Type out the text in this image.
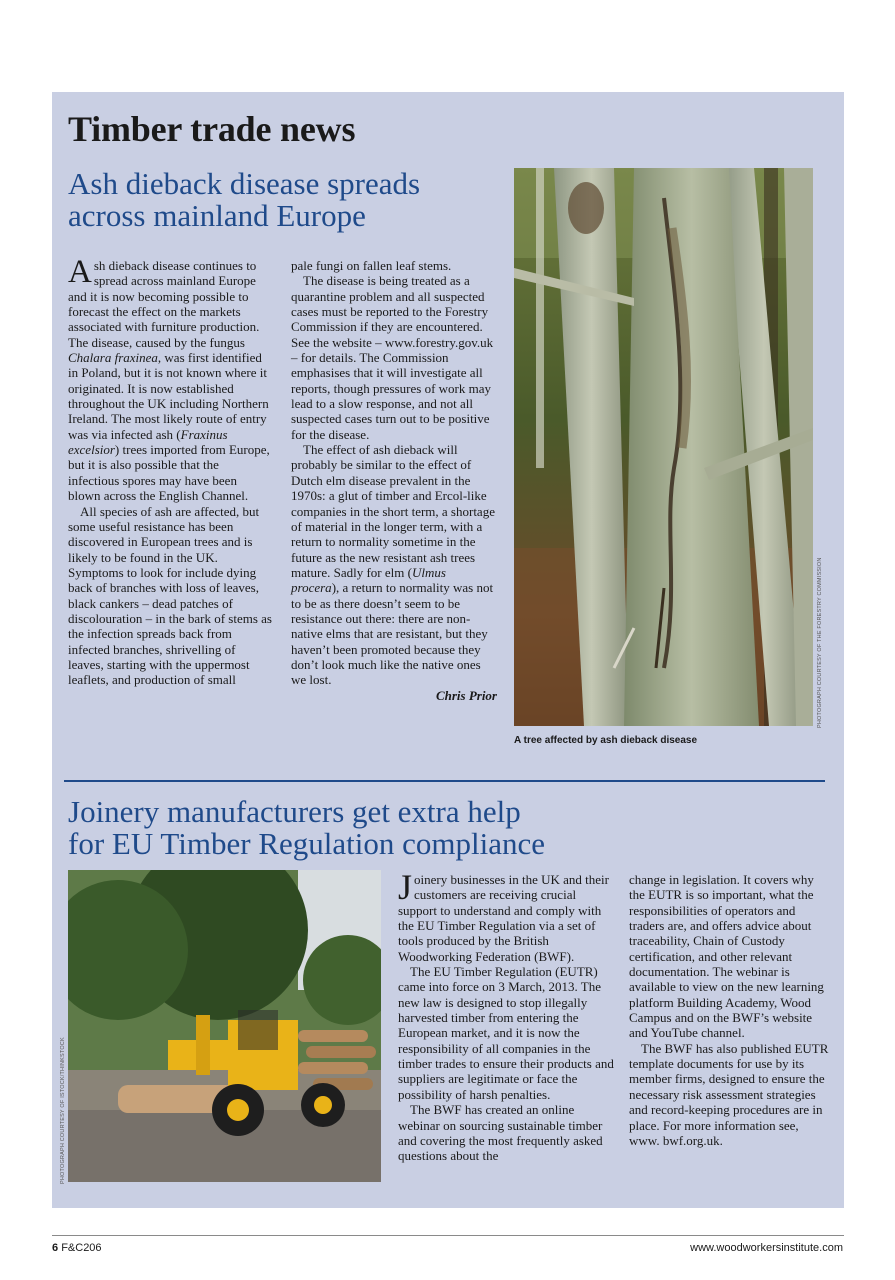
Timber trade news
Ash dieback disease spreads
across mainland Europe

Ash dieback disease continues to spread across mainland Europe and it is now becoming possible to forecast the effect on the markets associated with furniture production. The disease, caused by the fungus Chalara fraxinea, was first identified in Poland, but it is not known where it originated. It is now established throughout the UK including Northern Ireland. The most likely route of entry was via infected ash (Fraxinus excelsior) trees imported from Europe, but it is also possible that the infectious spores may have been blown across the English Channel.

All species of ash are affected, but some useful resistance has been discovered in European trees and is likely to be found in the UK. Symptoms to look for include dying back of branches with loss of leaves, black cankers – dead patches of discolouration – in the bark of stems as the infection spreads back from infected branches, shrivelling of leaves, starting with the uppermost leaflets, and production of small

pale fungi on fallen leaf stems.

The disease is being treated as a quarantine problem and all suspected cases must be reported to the Forestry Commission if they are encountered. See the website – www.forestry.gov.uk – for details. The Commission emphasises that it will investigate all reports, though pressures of work may lead to a slow response, and not all suspected cases turn out to be positive for the disease.

The effect of ash dieback will probably be similar to the effect of Dutch elm disease prevalent in the 1970s: a glut of timber and Ercol-like companies in the short term, a shortage of material in the longer term, with a return to normality sometime in the future as the new resistant ash trees mature. Sadly for elm (Ulmus procera), a return to normality was not to be as there doesn’t seem to be resistance out there: there are non-native elms that are resistant, but they haven’t been promoted because they don’t look much like the native ones we lost.

Chris Prior

A tree affected by ash dieback disease
PHOTOGRAPH COURTESY OF THE FORESTRY COMMISSION
Joinery manufacturers get extra help
for EU Timber Regulation compliance
PHOTOGRAPH COURTESY OF ISTOCK/THINKSTOCK

Joinery businesses in the UK and their customers are receiving crucial support to understand and comply with the EU Timber Regulation via a set of tools produced by the British Woodworking Federation (BWF).

The EU Timber Regulation (EUTR) came into force on 3 March, 2013. The new law is designed to stop illegally harvested timber from entering the European market, and it is now the responsibility of all companies in the timber trades to ensure their products and suppliers are legitimate or face the possibility of harsh penalties.

The BWF has created an online webinar on sourcing sustainable timber and covering the most frequently asked questions about the

change in legislation. It covers why the EUTR is so important, what the responsibilities of operators and traders are, and offers advice about traceability, Chain of Custody certification, and other relevant documentation. The webinar is available to view on the new learning platform Building Academy, Wood Campus and on the BWF’s website and YouTube channel.

The BWF has also published EUTR template documents for use by its member firms, designed to ensure the necessary risk assessment strategies and record-keeping procedures are in place. For more information see, www. bwf.org.uk.

6 F&C206	www.woodworkersinstitute.com
